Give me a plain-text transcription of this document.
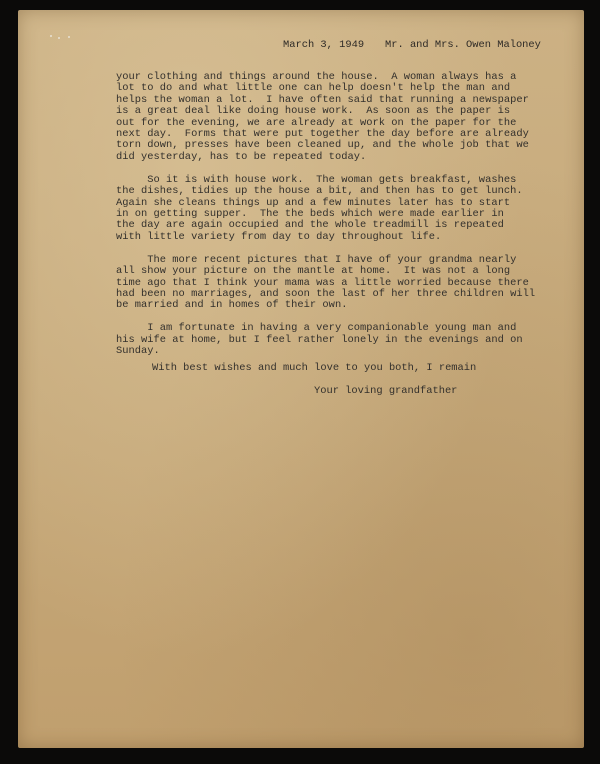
March 3, 1949 Mr. and Mrs. Owen Maloney
your clothing and things around the house.  A woman always has a
lot to do and what little one can help doesn't help the man and
helps the woman a lot.  I have often said that running a newspaper
is a great deal like doing house work.  As soon as the paper is
out for the evening, we are already at work on the paper for the
next day.  Forms that were put together the day before are already
torn down, presses have been cleaned up, and the whole job that we
did yesterday, has to be repeated today.
So it is with house work.  The woman gets breakfast, washes
the dishes, tidies up the house a bit, and then has to get lunch.
Again she cleans things up and a few minutes later has to start
in on getting supper.  The the beds which were made earlier in
the day are again occupied and the whole treadmill is repeated
with little variety from day to day throughout life.
The more recent pictures that I have of your grandma nearly
all show your picture on the mantle at home.  It was not a long
time ago that I think your mama was a little worried because there
had been no marriages, and soon the last of her three children will
be married and in homes of their own.
I am fortunate in having a very companionable young man and
his wife at home, but I feel rather lonely in the evenings and on
Sunday.
With best wishes and much love to you both, I remain
Your loving grandfather
